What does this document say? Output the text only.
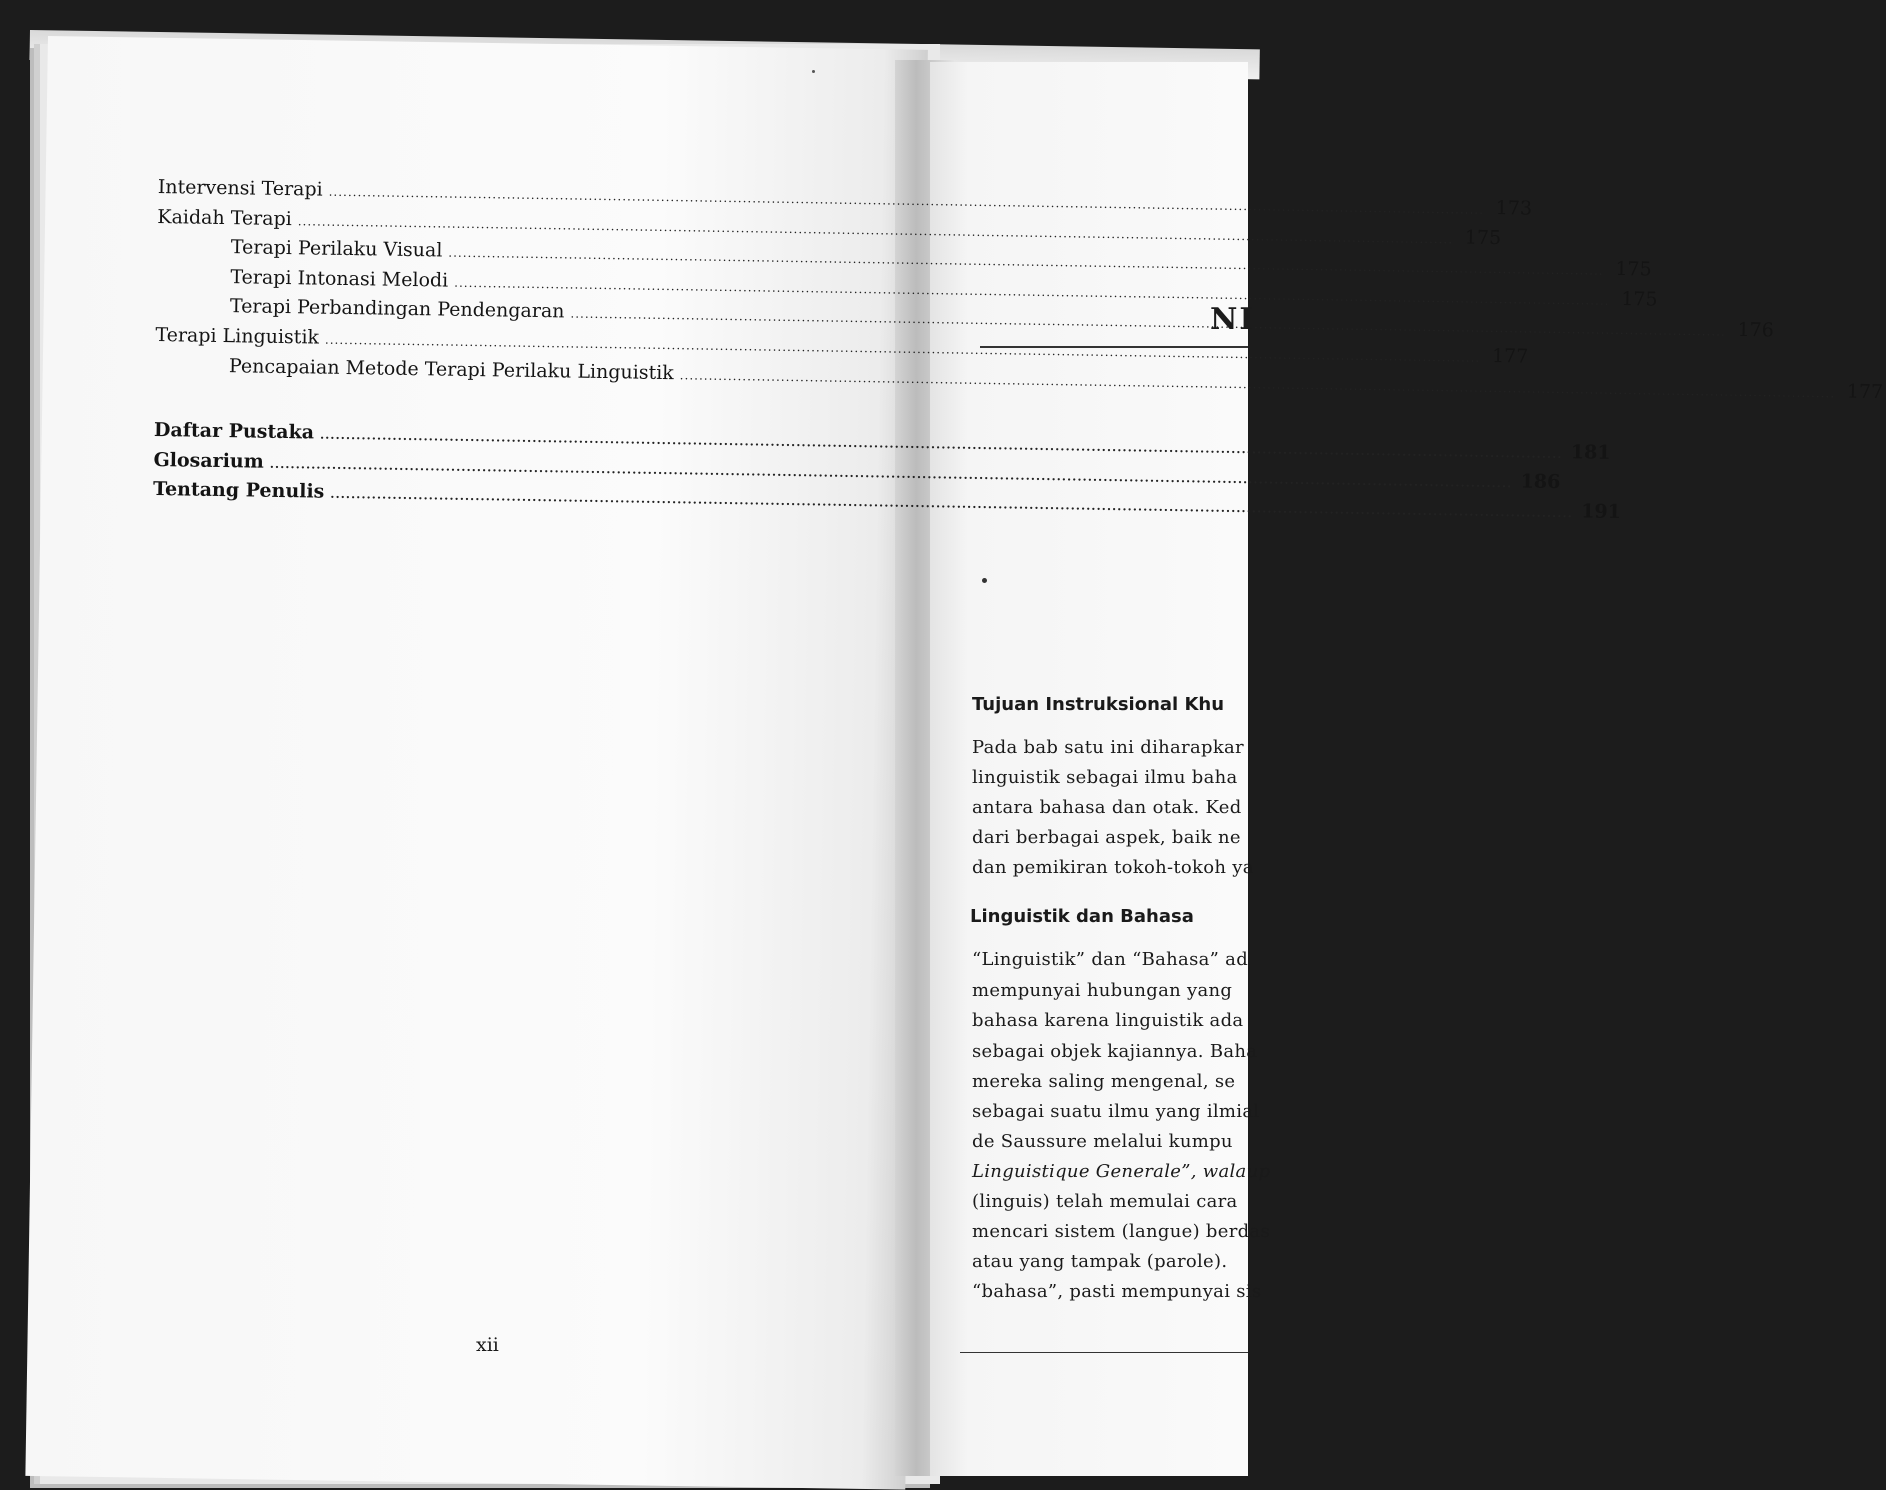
Intervensi Terapi
.....
173
Kaidah Terapi
.....
175
Terapi Perilaku Visual
.....
175
Terapi Intonasi Melodi
.....
175
Terapi Perbandingan Pendengaran
.....
176
Terapi Linguistik
.....
177
Pencapaian Metode Terapi Perilaku Linguistik
.....
177
Daftar Pustaka
.....
181
Glosarium
.....
186
Tentang Penulis
.....
191
xii
NI
Tujuan Instruksional Khu
Pada bab satu ini diharapkar
linguistik sebagai ilmu baha
antara bahasa dan otak. Ked
dari berbagai aspek, baik ne
dan pemikiran tokoh-tokoh ya
Linguistik dan Bahasa
“Linguistik” dan “Bahasa” ad
mempunyai hubungan yang
bahasa karena linguistik ada
sebagai objek kajiannya. Baha
mereka saling mengenal, se
sebagai suatu ilmu yang ilmial
de Saussure melalui kumpu
Linguistique Generale”, walaup
(linguis) telah memulai cara
mencari sistem (langue) berdas
atau yang tampak (parole).
“bahasa”, pasti mempunyai sis
